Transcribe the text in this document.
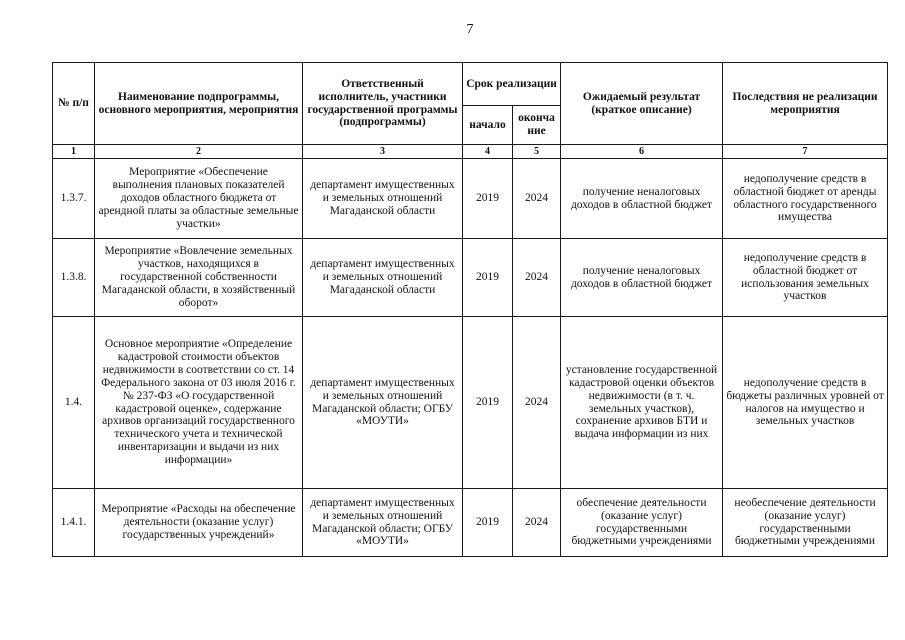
7
№ п/п	Наименование подпрограммы, основного мероприятия, мероприятия	Ответственный исполнитель, участники государственной программы (подпрограммы)	Срок реализации		Ожидаемый результат (краткое описание)	Последствия не реализации мероприятия
			начало	оконча ние		
1	2	3	4	5	6	7
1.3.7.	Мероприятие «Обеспечение выполнения плановых показателей доходов областного бюджета от арендной платы за областные земельные участки»	департамент имущественных и земельных отношений Магаданской области	2019	2024	получение неналоговых доходов в областной бюджет	недополучение средств в областной бюджет от аренды областного государственного имущества
1.3.8.	Мероприятие «Вовлечение земельных участков, находящихся в государственной собственности Магаданской области, в хозяйственный оборот»	департамент имущественных и земельных отношений Магаданской области	2019	2024	получение неналоговых доходов в областной бюджет	недополучение средств в областной бюджет от использования земельных участков
1.4.	Основное мероприятие «Определение кадастровой стоимости объектов недвижимости в соответствии со ст. 14 Федерального закона от 03 июля 2016 г. № 237-ФЗ «О государственной кадастровой оценке», содержание архивов организаций государственного технического учета и технической инвентаризации и выдачи из них информации»	департамент имущественных и земельных отношений Магаданской области; ОГБУ «МОУТИ»	2019	2024	установление государственной кадастровой оценки объектов недвижимости (в т. ч. земельных участков), сохранение архивов БТИ и выдача информации из них	недополучение средств в бюджеты различных уровней от налогов на имущество и земельных участков
1.4.1.	Мероприятие «Расходы на обеспечение деятельности (оказание услуг) государственных учреждений»	департамент имущественных и земельных отношений Магаданской области; ОГБУ «МОУТИ»	2019	2024	обеспечение деятельности (оказание услуг) государственными бюджетными учреждениями	необеспечение деятельности (оказание услуг) государственными бюджетными учреждениями
